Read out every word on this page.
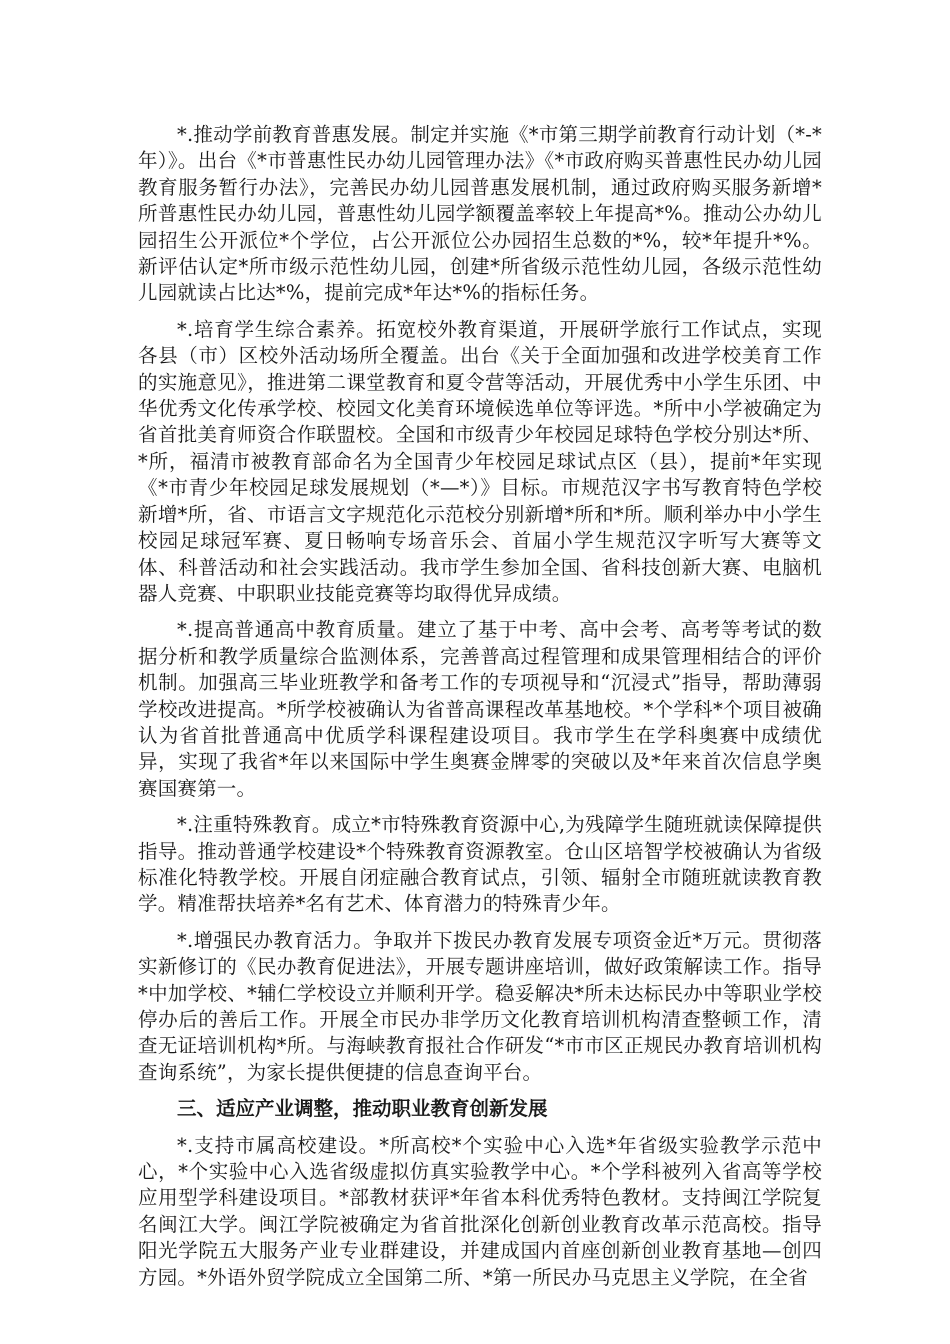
*.推动学前教育普惠发展。制定并实施《*市第三期学前教育行动计划（*-*年）》。出台《*市普惠性民办幼儿园管理办法》《*市政府购买普惠性民办幼儿园教育服务暂行办法》，完善民办幼儿园普惠发展机制，通过政府购买服务新增*所普惠性民办幼儿园，普惠性幼儿园学额覆盖率较上年提高*%。推动公办幼儿园招生公开派位*个学位，占公开派位公办园招生总数的*%，较*年提升*%。新评估认定*所市级示范性幼儿园，创建*所省级示范性幼儿园，各级示范性幼儿园就读占比达*%，提前完成*年达*%的指标任务。

*.培育学生综合素养。拓宽校外教育渠道，开展研学旅行工作试点，实现各县（市）区校外活动场所全覆盖。出台《关于全面加强和改进学校美育工作的实施意见》，推进第二课堂教育和夏令营等活动，开展优秀中小学生乐团、中华优秀文化传承学校、校园文化美育环境候选单位等评选。*所中小学被确定为省首批美育师资合作联盟校。全国和市级青少年校园足球特色学校分别达*所、*所，福清市被教育部命名为全国青少年校园足球试点区（县），提前*年实现《*市青少年校园足球发展规划（*—*）》目标。市规范汉字书写教育特色学校新增*所，省、市语言文字规范化示范校分别新增*所和*所。顺利举办中小学生校园足球冠军赛、夏日畅响专场音乐会、首届小学生规范汉字听写大赛等文体、科普活动和社会实践活动。我市学生参加全国、省科技创新大赛、电脑机器人竞赛、中职职业技能竞赛等均取得优异成绩。

*.提高普通高中教育质量。建立了基于中考、高中会考、高考等考试的数据分析和教学质量综合监测体系，完善普高过程管理和成果管理相结合的评价机制。加强高三毕业班教学和备考工作的专项视导和“沉浸式”指导，帮助薄弱学校改进提高。*所学校被确认为省普高课程改革基地校。*个学科*个项目被确认为省首批普通高中优质学科课程建设项目。我市学生在学科奥赛中成绩优异，实现了我省*年以来国际中学生奥赛金牌零的突破以及*年来首次信息学奥赛国赛第一。

*.注重特殊教育。成立*市特殊教育资源中心,为残障学生随班就读保障提供指导。推动普通学校建设*个特殊教育资源教室。仓山区培智学校被确认为省级标准化特教学校。开展自闭症融合教育试点，引领、辐射全市随班就读教育教学。精准帮扶培养*名有艺术、体育潜力的特殊青少年。

*.增强民办教育活力。争取并下拨民办教育发展专项资金近*万元。贯彻落实新修订的《民办教育促进法》，开展专题讲座培训，做好政策解读工作。指导*中加学校、*辅仁学校设立并顺利开学。稳妥解决*所未达标民办中等职业学校停办后的善后工作。开展全市民办非学历文化教育培训机构清查整顿工作，清查无证培训机构*所。与海峡教育报社合作研发“*市市区正规民办教育培训机构查询系统”，为家长提供便捷的信息查询平台。

三、适应产业调整，推动职业教育创新发展

*.支持市属高校建设。*所高校*个实验中心入选*年省级实验教学示范中心，*个实验中心入选省级虚拟仿真实验教学中心。*个学科被列入省高等学校应用型学科建设项目。*部教材获评*年省本科优秀特色教材。支持闽江学院复名闽江大学。闽江学院被确定为省首批深化创新创业教育改革示范高校。指导阳光学院五大服务产业专业群建设，并建成国内首座创新创业教育基地—创四方园。*外语外贸学院成立全国第二所、*第一所民办马克思主义学院，在全省
